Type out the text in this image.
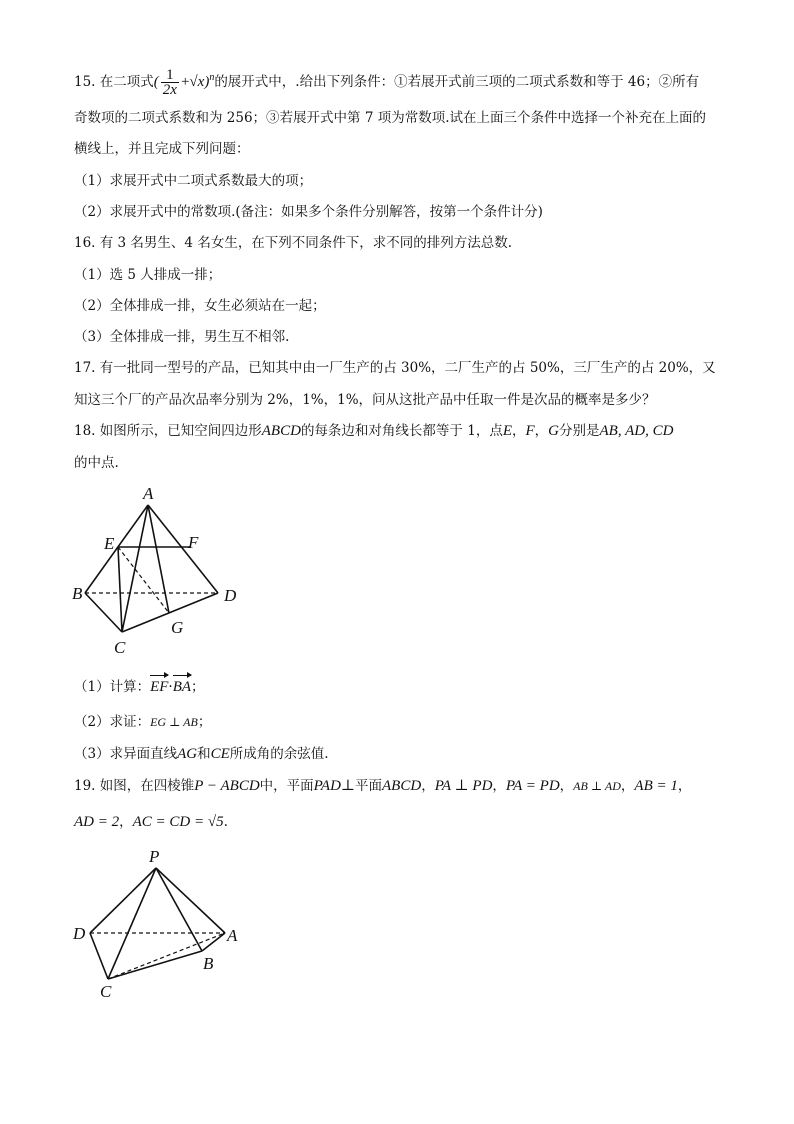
15. 在二项式( $\frac{1}{2x} +√x)^n$的展开式中，.给出下列条件：①若展开式前三项的二项式系数和等于 46；②所有
奇数项的二项式系数和为 256；③若展开式中第 7 项为常数项.试在上面三个条件中选择一个补充在上面的
横线上，并且完成下列问题：
（1）求展开式中二项式系数最大的项；
（2）求展开式中的常数项.(备注：如果多个条件分别解答，按第一个条件计分)
16. 有 3 名男生、4 名女生，在下列不同条件下，求不同的排列方法总数.
（1）选 5 人排成一排；
（2）全体排成一排，女生必须站在一起；
（3）全体排成一排，男生互不相邻.
17. 有一批同一型号的产品，已知其中由一厂生产的占 30%，二厂生产的占 50%，三厂生产的占 20%，又
知这三个厂的产品次品率分别为 2%，1%，1%，问从这批产品中任取一件是次品的概率是多少？
18. 如图所示，已知空间四边形ABCD的每条边和对角线长都等于 1，点E，F，G分别是AB, AD, CD
的中点.
A
E	F
B	D
G
C
（1）计算：EF·BA；
（2）求证：EG ⊥ AB；
（3）求异面直线AG和CE所成角的余弦值.
19. 如图，在四棱锥P − ABCD中，平面PAD⊥平面ABCD，PA ⊥ PD，PA = PD，AB ⊥ AD，AB = 1，
AD = 2，AC = CD = √5.
P
D	A
B
C
